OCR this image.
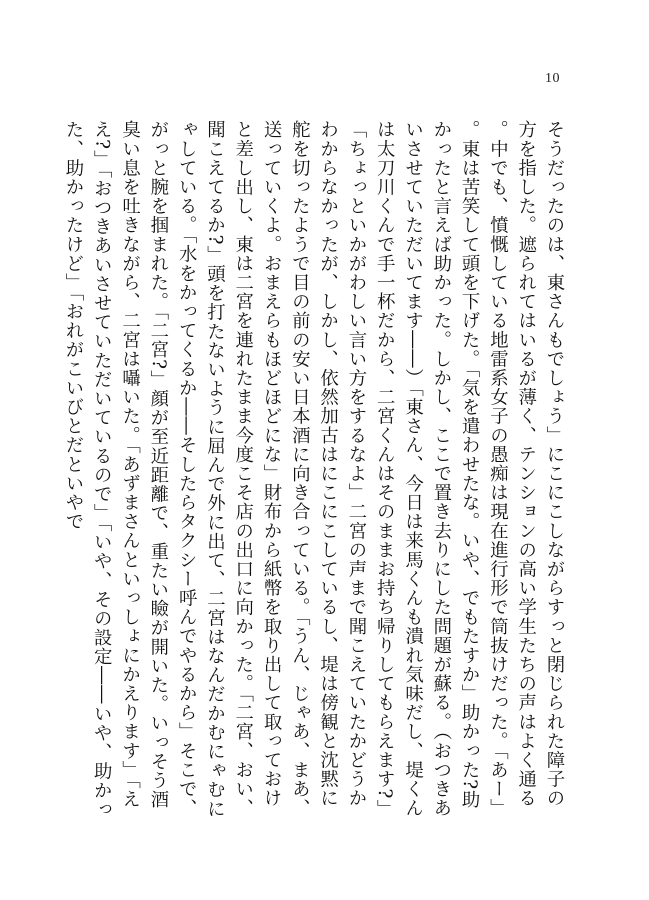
10

そうだったのは、東さんもでしょう」にこにこしながらすっと閉じられた障子の方を指した。遮られてはいるが薄く、テンションの高い学生たちの声はよく通る。中でも、憤慨している地雷系女子の愚痴は現在進行形で筒抜けだった。「あー」。東は苦笑して頭を下げた。「気を遣わせたな。いや、でもたすか」助かった?助かったと言えば助かった。しかし、ここで置き去りにした問題が蘇る。（おつきあいさせていただいてます――）「東さん、今日は来馬くんも潰れ気味だし、堤くんは太刀川くんで手一杯だから、二宮くんはそのままお持ち帰りしてもらえます?」「ちょっといかがわしい言い方をするなよ」二宮の声まで聞こえていたかどうかわからなかったが、しかし、依然加古はにこにこしているし、堤は傍観と沈黙に舵を切ったようで目の前の安い日本酒に向き合っている。「うん、じゃあ、まあ、送っていくよ。おまえらもほどほどにな」財布から紙幣を取り出して取っておけと差し出し、東は二宮を連れたまま今度こそ店の出口に向かった。「二宮、おい、聞こえてるか?」頭を打たないように屈んで外に出て、二宮はなんだかむにゃむにゃしている。「水をかってくるか――そしたらタクシー呼んでやるから」そこで、がっと腕を掴まれた。「二宮?」顔が至近距離で、重たい瞼が開いた。いっそう酒臭い息を吐きながら、二宮は囁いた。「あずまさんといっしょにかえります」「ええ?」「おつきあいさせていただいているので」「いや、その設定――いや、助かった、助かったけど」「おれがこいびとだといやで
